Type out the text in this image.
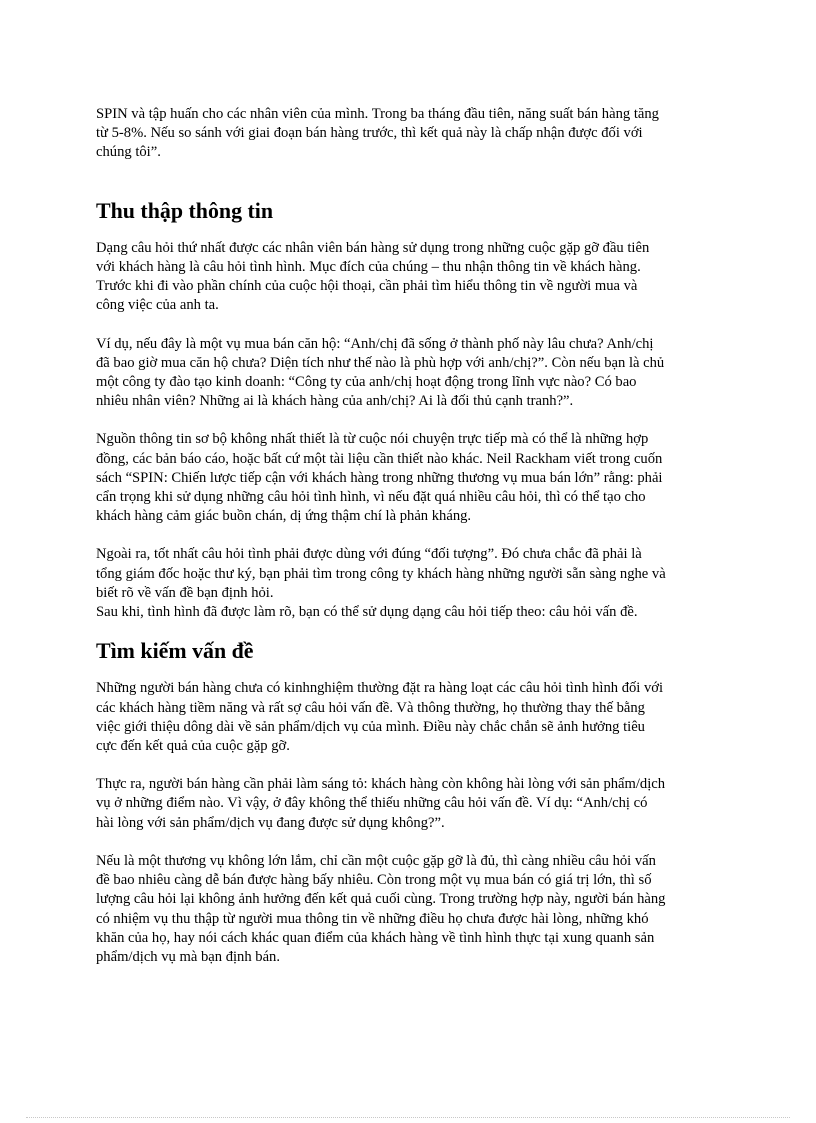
SPIN và tập huấn cho các nhân viên của mình. Trong ba tháng đầu tiên, năng suất bán hàng tăng
từ 5-8%. Nếu so sánh với giai đoạn bán hàng trước, thì kết quả này là chấp nhận được đối với
chúng tôi”.

Thu thập thông tin

Dạng câu hỏi thứ nhất được các nhân viên bán hàng sử dụng trong những cuộc gặp gỡ đầu tiên
với khách hàng là câu hỏi tình hình. Mục đích của chúng – thu nhận thông tin về khách hàng.
Trước khi đi vào phần chính của cuộc hội thoại, cần phải tìm hiểu thông tin về người mua và
công việc của anh ta.

Ví dụ, nếu đây là một vụ mua bán căn hộ: “Anh/chị đã sống ở thành phố này lâu chưa? Anh/chị
đã bao giờ mua căn hộ chưa? Diện tích như thế nào là phù hợp với anh/chị?”. Còn nếu bạn là chủ
một công ty đào tạo kinh doanh: “Công ty của anh/chị hoạt động trong lĩnh vực nào? Có bao
nhiêu nhân viên? Những ai là khách hàng của anh/chị? Ai là đối thủ cạnh tranh?”.

Nguồn thông tin sơ bộ không nhất thiết là từ cuộc nói chuyện trực tiếp mà có thể là những hợp
đồng, các bản báo cáo, hoặc bất cứ một tài liệu cần thiết nào khác. Neil Rackham viết trong cuốn
sách “SPIN: Chiến lược tiếp cận với khách hàng trong những thương vụ mua bán lớn” rằng: phải
cẩn trọng khi sử dụng những câu hỏi tình hình, vì nếu đặt quá nhiều câu hỏi, thì có thể tạo cho
khách hàng cảm giác buồn chán, dị ứng thậm chí là phản kháng.

Ngoài ra, tốt nhất câu hỏi tình phải được dùng với đúng “đối tượng”. Đó chưa chắc đã phải là
tổng giám đốc hoặc thư ký, bạn phải tìm trong công ty khách hàng những người sẵn sàng nghe và
biết rõ về vấn đề bạn định hỏi.

Sau khi, tình hình đã được làm rõ, bạn có thể sử dụng dạng câu hỏi tiếp theo: câu hỏi vấn đề.

Tìm kiếm vấn đề

Những người bán hàng chưa có kinhnghiệm thường đặt ra hàng loạt các câu hỏi tình hình đối với
các khách hàng tiềm năng và rất sợ câu hỏi vấn đề. Và thông thường, họ thường thay thế bằng
việc giới thiệu dông dài về sản phẩm/dịch vụ của mình. Điều này chắc chắn sẽ ảnh hưởng tiêu
cực đến kết quả của cuộc gặp gỡ.

Thực ra, người bán hàng cần phải làm sáng tỏ: khách hàng còn không hài lòng với sản phẩm/dịch
vụ ở những điểm nào. Vì vậy, ở đây không thể thiếu những câu hỏi vấn đề. Ví dụ: “Anh/chị có
hài lòng với sản phẩm/dịch vụ đang được sử dụng không?”.

Nếu là một thương vụ không lớn lắm, chỉ cần một cuộc gặp gỡ là đủ, thì càng nhiều câu hỏi vấn
đề bao nhiêu càng dễ bán được hàng bấy nhiêu. Còn trong một vụ mua bán có giá trị lớn, thì số
lượng câu hỏi lại không ảnh hưởng đến kết quả cuối cùng. Trong trường hợp này, người bán hàng
có nhiệm vụ thu thập từ người mua thông tin về những điều họ chưa được hài lòng, những khó
khăn của họ, hay nói cách khác quan điểm của khách hàng về tình hình thực tại xung quanh sản
phẩm/dịch vụ mà bạn định bán.
